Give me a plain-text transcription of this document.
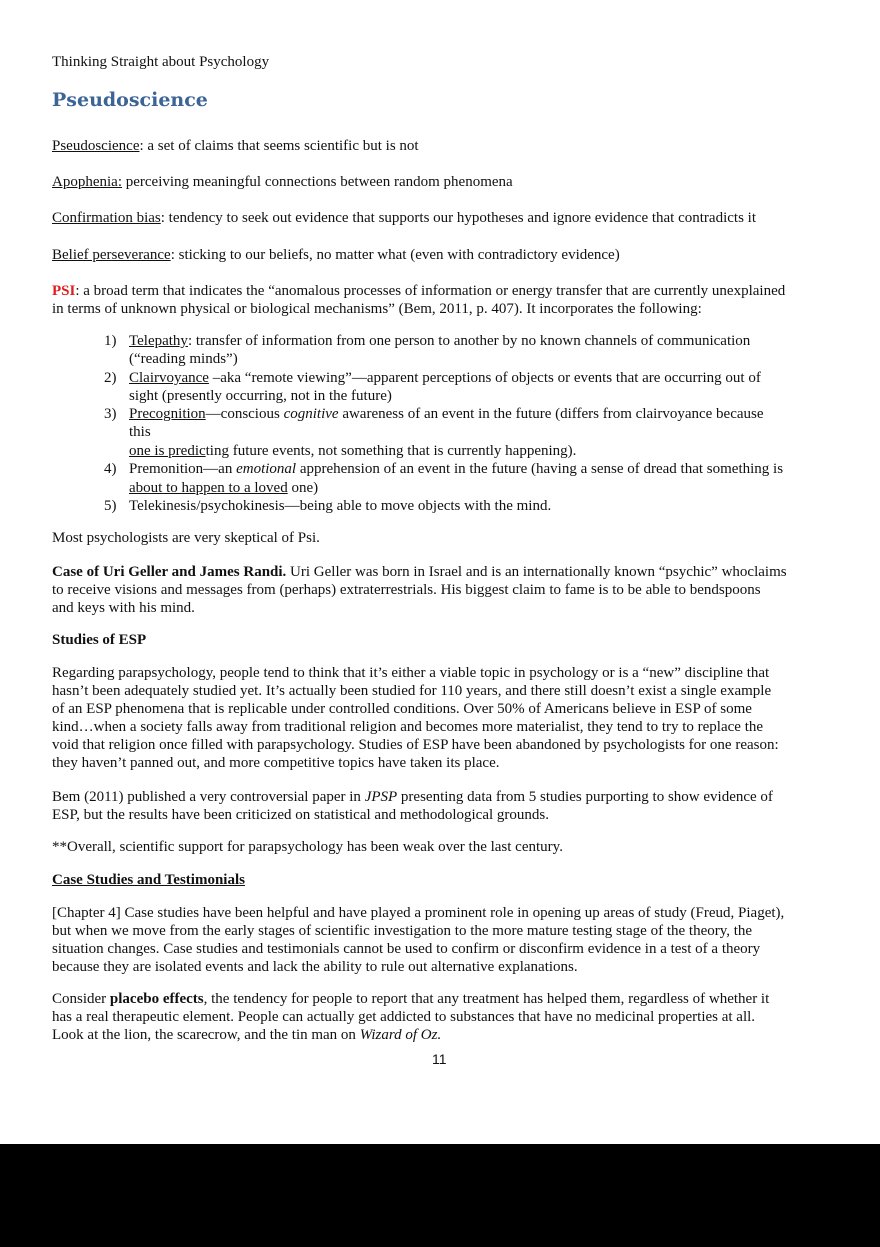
Thinking Straight about Psychology
Pseudoscience
Pseudoscience: a set of claims that seems scientific but is not
Apophenia: perceiving meaningful connections between random phenomena
Confirmation bias: tendency to seek out evidence that supports our hypotheses and ignore evidence that contradicts it
Belief perseverance: sticking to our beliefs, no matter what (even with contradictory evidence)
PSI: a broad term that indicates the “anomalous processes of information or energy transfer that are currently unexplained
in terms of unknown physical or biological mechanisms” (Bem, 2011, p. 407). It incorporates the following:
1) Telepathy: transfer of information from one person to another by no known channels of communication
(“reading minds”)
2) Clairvoyance –aka “remote viewing”—apparent perceptions of objects or events that are occurring out of
sight (presently occurring, not in the future)
3) Precognition—conscious cognitive awareness of an event in the future (differs from clairvoyance because
this
one is predicting future events, not something that is currently happening).
4) Premonition—an emotional apprehension of an event in the future (having a sense of dread that something is
about to happen to a loved one)
5) Telekinesis/psychokinesis—being able to move objects with the mind.
Most psychologists are very skeptical of Psi.
Case of Uri Geller and James Randi. Uri Geller was born in Israel and is an internationally known “psychic” whoclaims
to receive visions and messages from (perhaps) extraterrestrials. His biggest claim to fame is to be able to bendspoons
and keys with his mind.
Studies of ESP
Regarding parapsychology, people tend to think that it’s either a viable topic in psychology or is a “new” discipline that
hasn’t been adequately studied yet. It’s actually been studied for 110 years, and there still doesn’t exist a single example
of an ESP phenomena that is replicable under controlled conditions. Over 50% of Americans believe in ESP of some
kind…when a society falls away from traditional religion and becomes more materialist, they tend to try to replace the
void that religion once filled with parapsychology. Studies of ESP have been abandoned by psychologists for one reason:
they haven’t panned out, and more competitive topics have taken its place.
Bem (2011) published a very controversial paper in JPSP presenting data from 5 studies purporting to show evidence of
ESP, but the results have been criticized on statistical and methodological grounds.
**Overall, scientific support for parapsychology has been weak over the last century.
Case Studies and Testimonials
[Chapter 4] Case studies have been helpful and have played a prominent role in opening up areas of study (Freud, Piaget),
but when we move from the early stages of scientific investigation to the more mature testing stage of the theory, the
situation changes. Case studies and testimonials cannot be used to confirm or disconfirm evidence in a test of a theory
because they are isolated events and lack the ability to rule out alternative explanations.
Consider placebo effects, the tendency for people to report that any treatment has helped them, regardless of whether it
has a real therapeutic element. People can actually get addicted to substances that have no medicinal properties at all.
Look at the lion, the scarecrow, and the tin man on Wizard of Oz.
11
